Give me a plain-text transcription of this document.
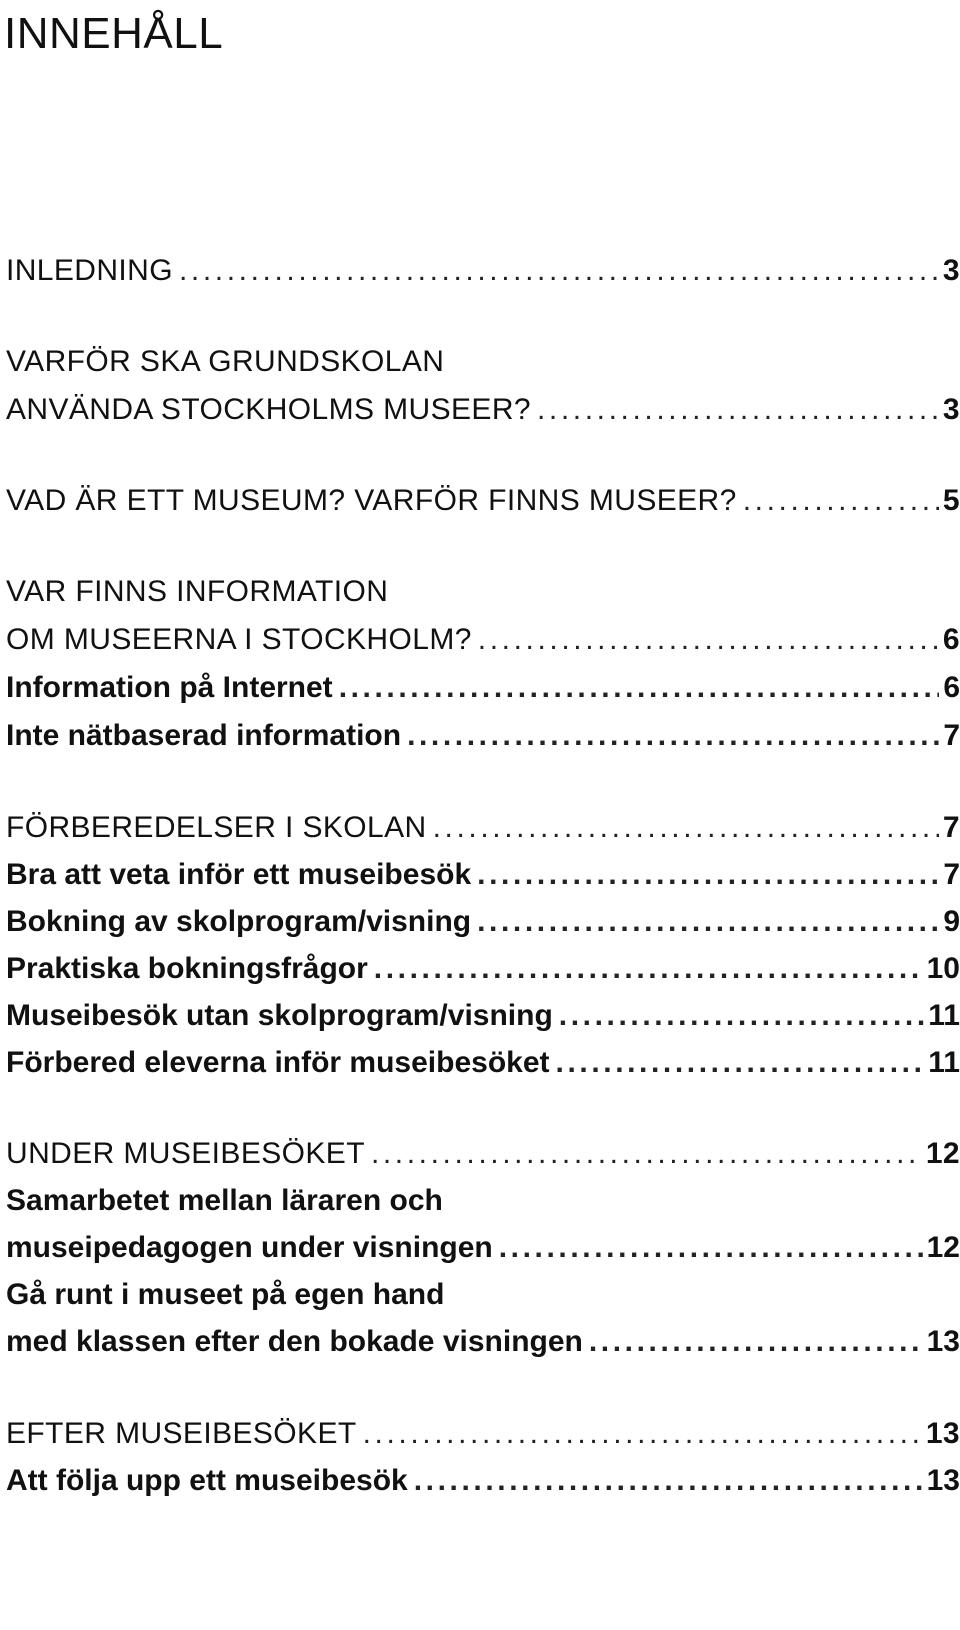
INNEHÅLL
INLEDNING .....	3
VARFÖR SKA GRUNDSKOLAN
ANVÄNDA STOCKHOLMS MUSEER? .....	3
VAD ÄR ETT MUSEUM? VARFÖR FINNS MUSEER? .....	5
VAR FINNS INFORMATION
OM MUSEERNA I STOCKHOLM? .....	6
Information på Internet .....	6
Inte nätbaserad information .....	7
FÖRBEREDELSER I SKOLAN .....	7
Bra att veta inför ett museibesök .....	7
Bokning av skolprogram/visning .....	9
Praktiska bokningsfrågor .....	10
Museibesök utan skolprogram/visning .....	11
Förbered eleverna inför museibesöket .....	11
UNDER MUSEIBESÖKET .....	12
Samarbetet mellan läraren och
museipedagogen under visningen .....	12
Gå runt i museet på egen hand
med klassen efter den bokade visningen .....	13
EFTER MUSEIBESÖKET .....	13
Att följa upp ett museibesök .....	13
